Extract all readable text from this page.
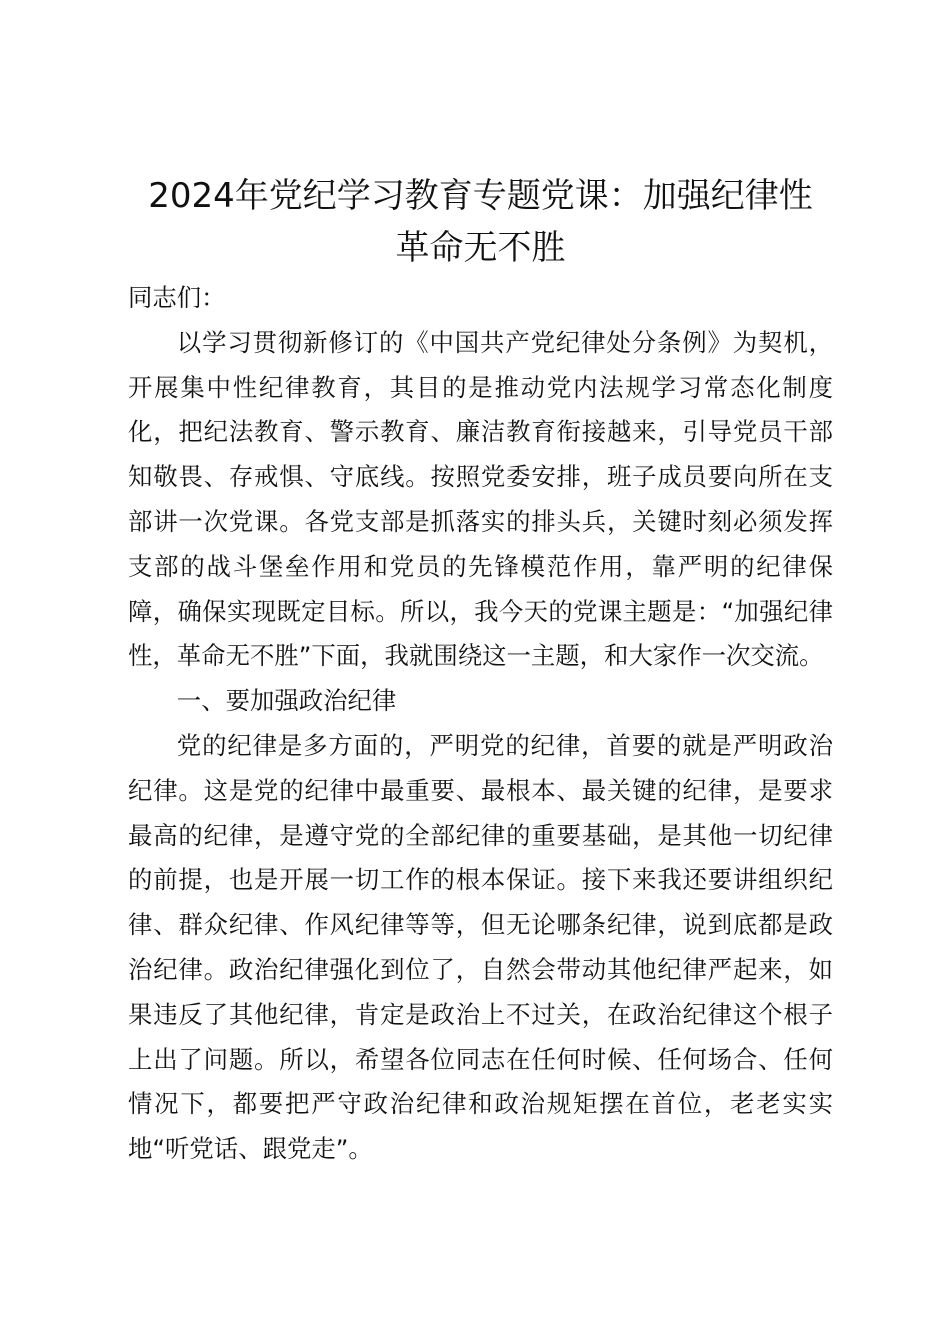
2024年党纪学习教育专题党课：加强纪律性
革命无不胜

同志们：

以学习贯彻新修订的《中国共产党纪律处分条例》为契机，开展集中性纪律教育，其目的是推动党内法规学习常态化制度化，把纪法教育、警示教育、廉洁教育衔接越来，引导党员干部知敬畏、存戒惧、守底线。按照党委安排，班子成员要向所在支部讲一次党课。各党支部是抓落实的排头兵，关键时刻必须发挥支部的战斗堡垒作用和党员的先锋模范作用，靠严明的纪律保障，确保实现既定目标。所以，我今天的党课主题是：“加强纪律性，革命无不胜”下面，我就围绕这一主题，和大家作一次交流。

一、要加强政治纪律

党的纪律是多方面的，严明党的纪律，首要的就是严明政治纪律。这是党的纪律中最重要、最根本、最关键的纪律，是要求最高的纪律，是遵守党的全部纪律的重要基础，是其他一切纪律的前提，也是开展一切工作的根本保证。接下来我还要讲组织纪律、群众纪律、作风纪律等等，但无论哪条纪律，说到底都是政治纪律。政治纪律强化到位了，自然会带动其他纪律严起来，如果违反了其他纪律，肯定是政治上不过关，在政治纪律这个根子上出了问题。所以，希望各位同志在任何时候、任何场合、任何情况下，都要把严守政治纪律和政治规矩摆在首位，老老实实地“听党话、跟党走”。
